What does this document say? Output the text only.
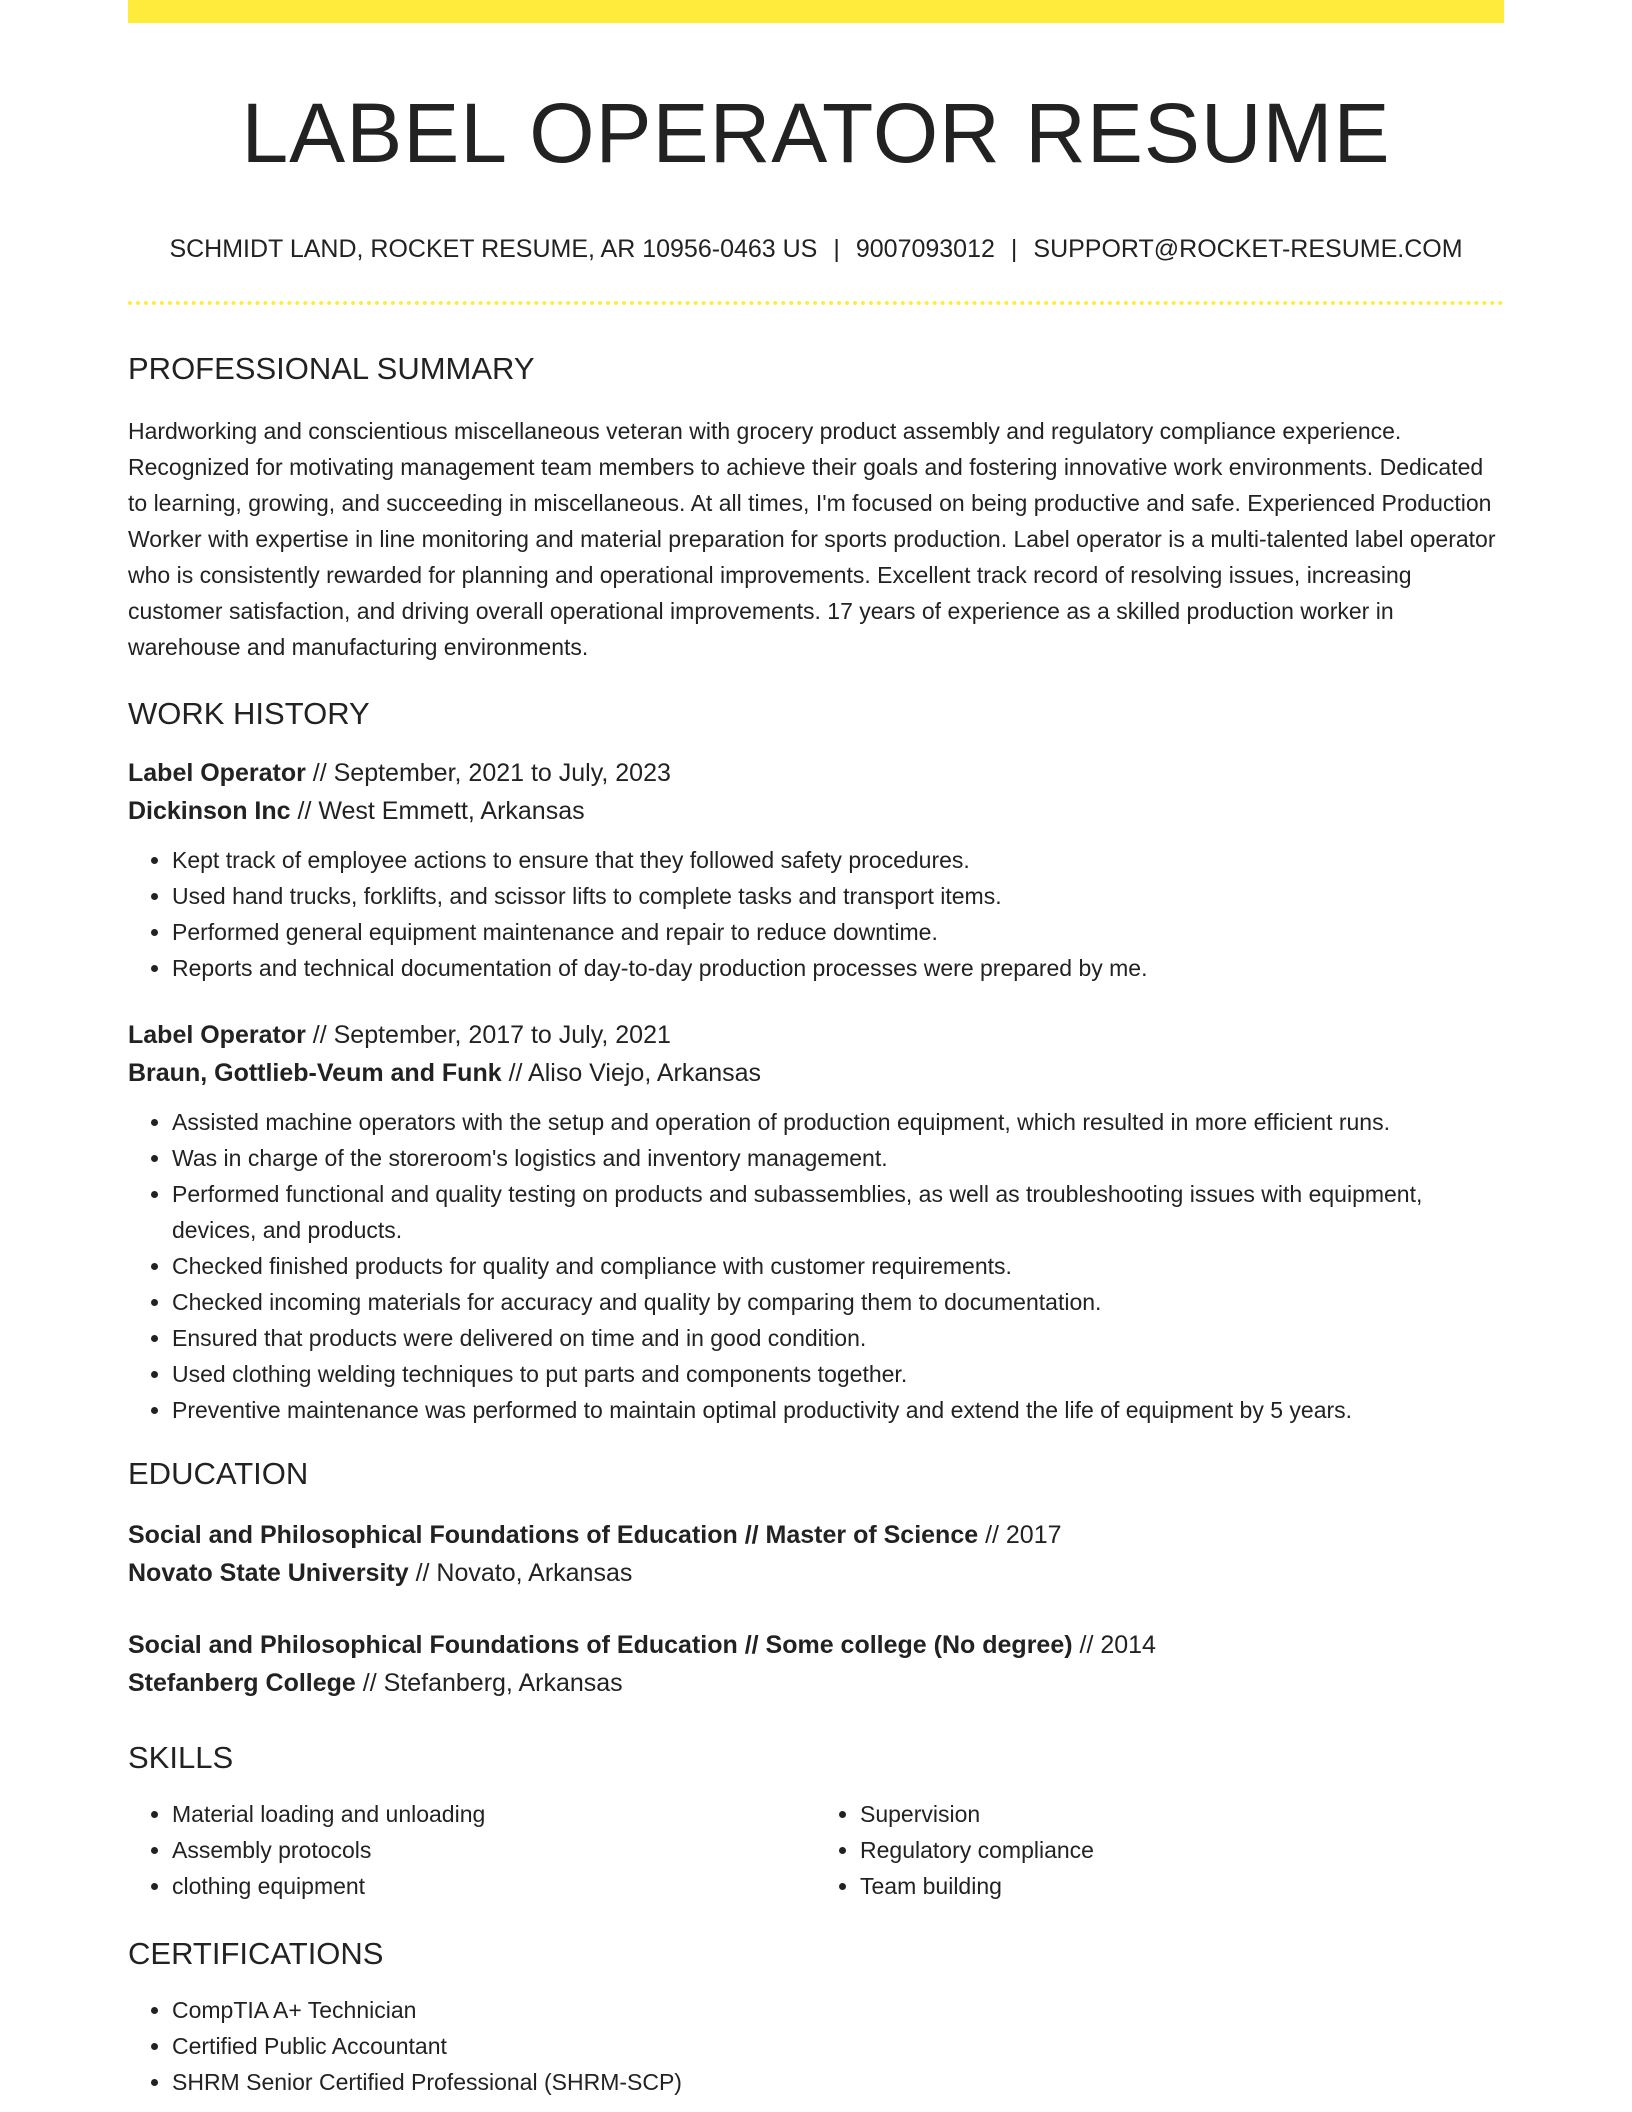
LABEL OPERATOR RESUME
SCHMIDT LAND, ROCKET RESUME, AR 10956-0463 US | 9007093012 | SUPPORT@ROCKET-RESUME.COM
PROFESSIONAL SUMMARY
Hardworking and conscientious miscellaneous veteran with grocery product assembly and regulatory compliance experience. Recognized for motivating management team members to achieve their goals and fostering innovative work environments. Dedicated to learning, growing, and succeeding in miscellaneous. At all times, I'm focused on being productive and safe. Experienced Production Worker with expertise in line monitoring and material preparation for sports production. Label operator is a multi-talented label operator who is consistently rewarded for planning and operational improvements. Excellent track record of resolving issues, increasing customer satisfaction, and driving overall operational improvements. 17 years of experience as a skilled production worker in warehouse and manufacturing environments.
WORK HISTORY
Label Operator // September, 2021 to July, 2023
Dickinson Inc // West Emmett, Arkansas
• Kept track of employee actions to ensure that they followed safety procedures.
• Used hand trucks, forklifts, and scissor lifts to complete tasks and transport items.
• Performed general equipment maintenance and repair to reduce downtime.
• Reports and technical documentation of day-to-day production processes were prepared by me.
Label Operator // September, 2017 to July, 2021
Braun, Gottlieb-Veum and Funk // Aliso Viejo, Arkansas
• Assisted machine operators with the setup and operation of production equipment, which resulted in more efficient runs.
• Was in charge of the storeroom's logistics and inventory management.
• Performed functional and quality testing on products and subassemblies, as well as troubleshooting issues with equipment, devices, and products.
• Checked finished products for quality and compliance with customer requirements.
• Checked incoming materials for accuracy and quality by comparing them to documentation.
• Ensured that products were delivered on time and in good condition.
• Used clothing welding techniques to put parts and components together.
• Preventive maintenance was performed to maintain optimal productivity and extend the life of equipment by 5 years.
EDUCATION
Social and Philosophical Foundations of Education // Master of Science // 2017
Novato State University // Novato, Arkansas
Social and Philosophical Foundations of Education // Some college (No degree) // 2014
Stefanberg College // Stefanberg, Arkansas
SKILLS
• Material loading and unloading
• Assembly protocols
• clothing equipment
• Supervision
• Regulatory compliance
• Team building
CERTIFICATIONS
• CompTIA A+ Technician
• Certified Public Accountant
• SHRM Senior Certified Professional (SHRM-SCP)
